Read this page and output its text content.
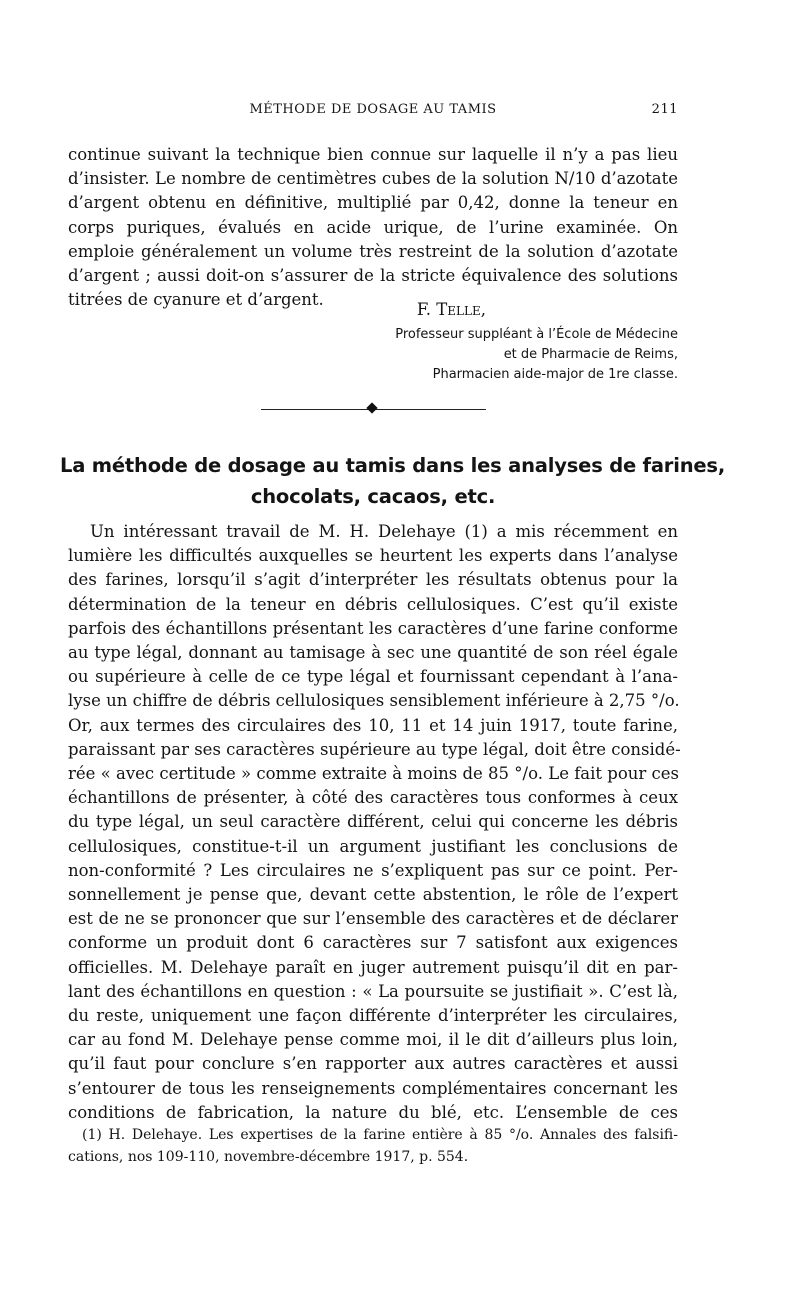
MÉTHODE DE DOSAGE AU TAMIS	211
continue suivant la technique bien connue sur laquelle il n’y a pas lieu
d’insister. Le nombre de centimètres cubes de la solution N/10 d’azotate
d’argent obtenu en définitive, multiplié par 0,42, donne la teneur en
corps puriques, évalués en acide urique, de l’urine examinée. On
emploie généralement un volume très restreint de la solution d’azotate
d’argent ; aussi doit-on s’assurer de la stricte équivalence des solutions
titrées de cyanure et d’argent.
F. Telle,
Professeur suppléant à l’École de Médecine
et de Pharmacie de Reims,
Pharmacien aide-major de 1re classe.
La méthode de dosage au tamis dans les analyses de farines,
chocolats, cacaos, etc.
Un intéressant travail de M. H. Delehaye (1) a mis récemment en
lumière les difficultés auxquelles se heurtent les experts dans l’analyse
des farines, lorsqu’il s’agit d’interpréter les résultats obtenus pour la
détermination de la teneur en débris cellulosiques. C’est qu’il existe
parfois des échantillons présentant les caractères d’une farine conforme
au type légal, donnant au tamisage à sec une quantité de son réel égale
ou supérieure à celle de ce type légal et fournissant cependant à l’ana-
lyse un chiffre de débris cellulosiques sensiblement inférieure à 2,75 °/o.
Or, aux termes des circulaires des 10, 11 et 14 juin 1917, toute farine,
paraissant par ses caractères supérieure au type légal, doit être considé-
rée « avec certitude » comme extraite à moins de 85 °/o. Le fait pour ces
échantillons de présenter, à côté des caractères tous conformes à ceux
du type légal, un seul caractère différent, celui qui concerne les débris
cellulosiques, constitue-t-il un argument justifiant les conclusions de
non-conformité ? Les circulaires ne s’expliquent pas sur ce point. Per-
sonnellement je pense que, devant cette abstention, le rôle de l’expert
est de ne se prononcer que sur l’ensemble des caractères et de déclarer
conforme un produit dont 6 caractères sur 7 satisfont aux exigences
officielles. M. Delehaye paraît en juger autrement puisqu’il dit en par-
lant des échantillons en question : « La poursuite se justifiait ». C’est là,
du reste, uniquement une façon différente d’interpréter les circulaires,
car au fond M. Delehaye pense comme moi, il le dit d’ailleurs plus loin,
qu’il faut pour conclure s’en rapporter aux autres caractères et aussi
s’entourer de tous les renseignements complémentaires concernant les
conditions de fabrication, la nature du blé, etc. L’ensemble de ces
(1) H. Delehaye. Les expertises de la farine entière à 85 °/o. Annales des falsifi-
cations, nos 109-110, novembre-décembre 1917, p. 554.
